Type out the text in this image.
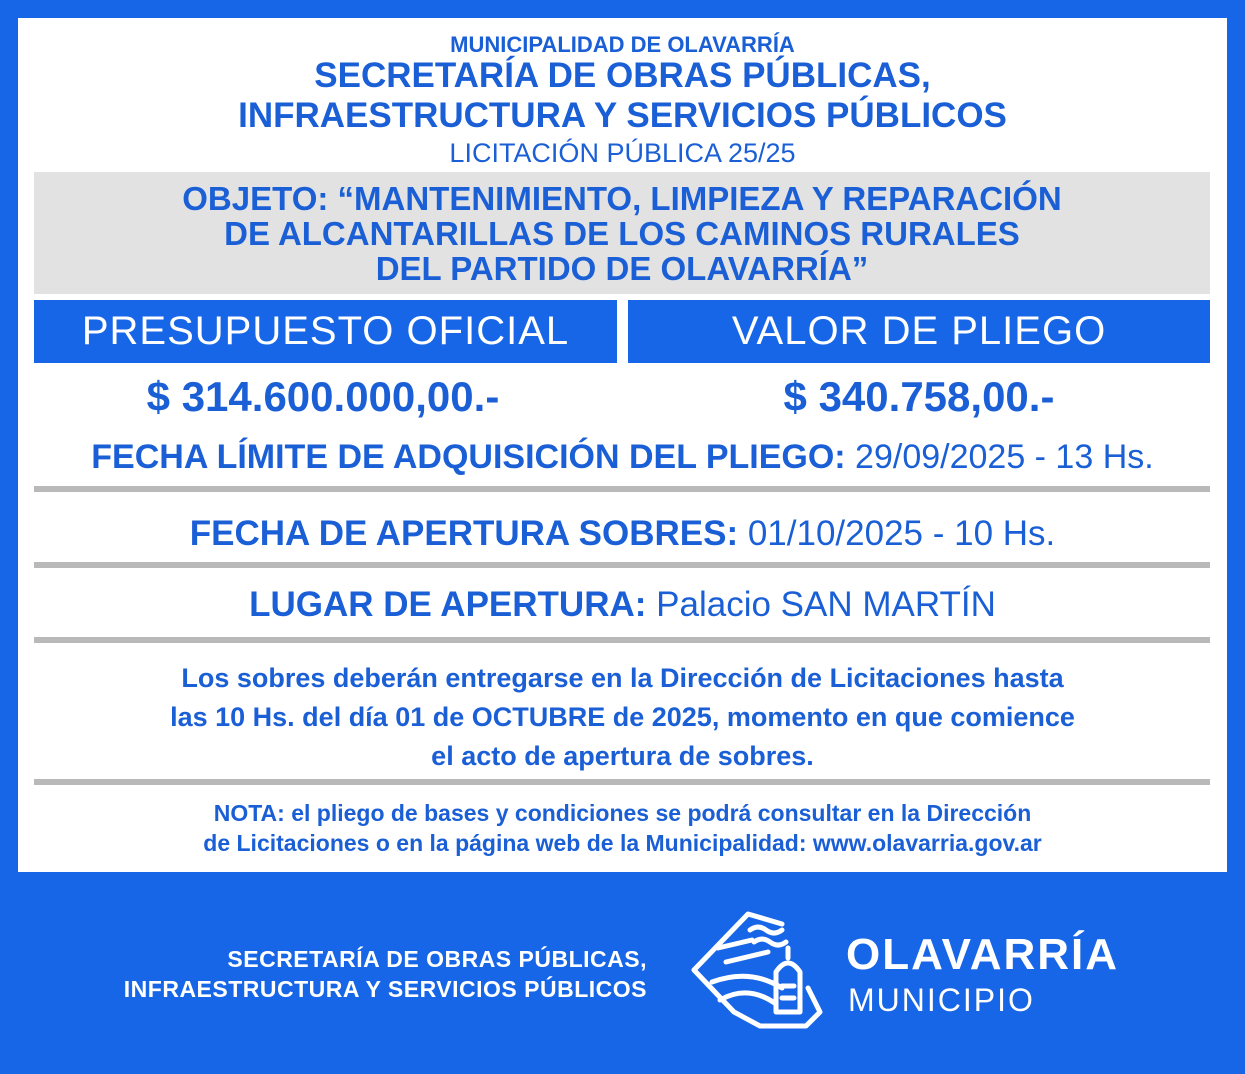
MUNICIPALIDAD DE OLAVARRÍA
SECRETARÍA DE OBRAS PÚBLICAS,
INFRAESTRUCTURA Y SERVICIOS PÚBLICOS
LICITACIÓN PÚBLICA 25/25
OBJETO: “MANTENIMIENTO, LIMPIEZA Y REPARACIÓN
DE ALCANTARILLAS DE LOS CAMINOS RURALES
DEL PARTIDO DE OLAVARRÍA”
PRESUPUESTO OFICIAL	VALOR DE PLIEGO
$ 314.600.000,00.-	$ 340.758,00.-
FECHA LÍMITE DE ADQUISICIÓN DEL PLIEGO: 29/09/2025 - 13 Hs.
FECHA DE APERTURA SOBRES: 01/10/2025 - 10 Hs.
LUGAR DE APERTURA: Palacio SAN MARTÍN
Los sobres deberán entregarse en la Dirección de Licitaciones hasta
las 10 Hs. del día 01 de OCTUBRE de 2025, momento en que comience
el acto de apertura de sobres.
NOTA: el pliego de bases y condiciones se podrá consultar en la Dirección
de Licitaciones o en la página web de la Municipalidad: www.olavarria.gov.ar
SECRETARÍA DE OBRAS PÚBLICAS,
INFRAESTRUCTURA Y SERVICIOS PÚBLICOS
OLAVARRÍA
MUNICIPIO
